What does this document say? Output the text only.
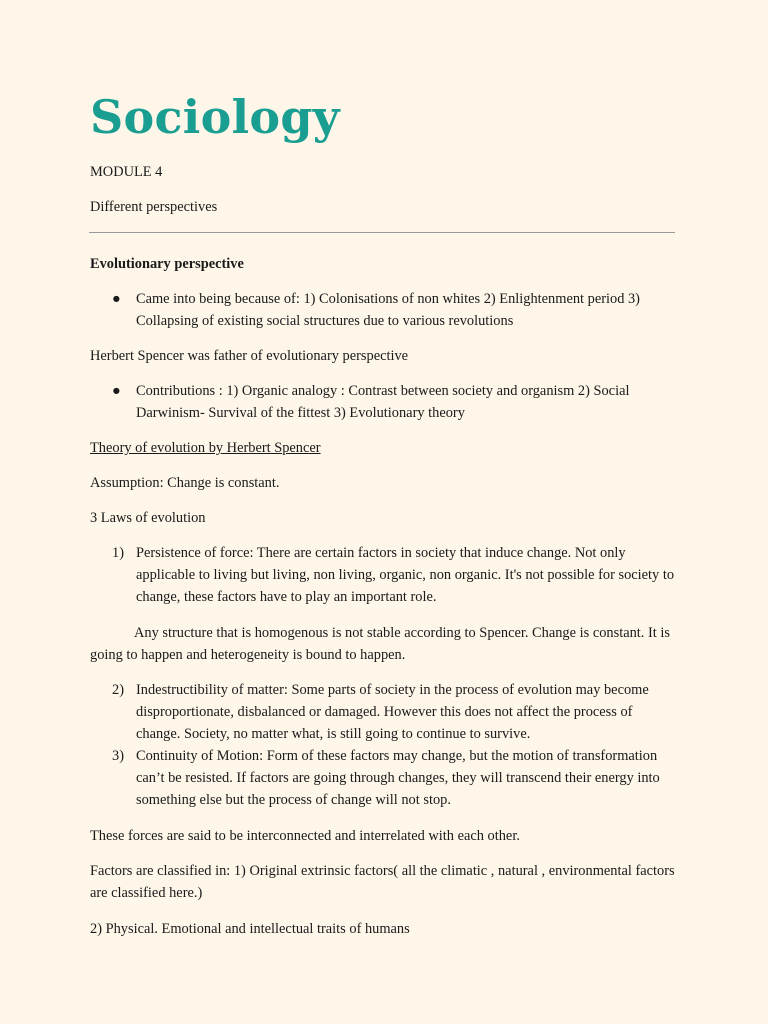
Sociology

MODULE 4

Different perspectives

Evolutionary perspective

● Came into being because of: 1) Colonisations of non whites 2) Enlightenment period 3) Collapsing of existing social structures due to various revolutions

Herbert Spencer was father of evolutionary perspective

● Contributions : 1) Organic analogy : Contrast between society and organism 2) Social Darwinism- Survival of the fittest 3) Evolutionary theory

Theory of evolution by Herbert Spencer

Assumption: Change is constant.

3 Laws of evolution

1) Persistence of force: There are certain factors in society that induce change. Not only applicable to living but living, non living, organic, non organic. It's not possible for society to change, these factors have to play an important role.

Any structure that is homogenous is not stable according to Spencer. Change is constant. It is going to happen and heterogeneity is bound to happen.

2) Indestructibility of matter: Some parts of society in the process of evolution may become disproportionate, disbalanced or damaged. However this does not affect the process of change. Society, no matter what, is still going to continue to survive.
3) Continuity of Motion: Form of these factors may change, but the motion of transformation can’t be resisted. If factors are going through changes, they will transcend their energy into something else but the process of change will not stop.

These forces are said to be interconnected and interrelated with each other.

Factors are classified in: 1) Original extrinsic factors( all the climatic , natural , environmental factors are classified here.)

2) Physical. Emotional and intellectual traits of humans
